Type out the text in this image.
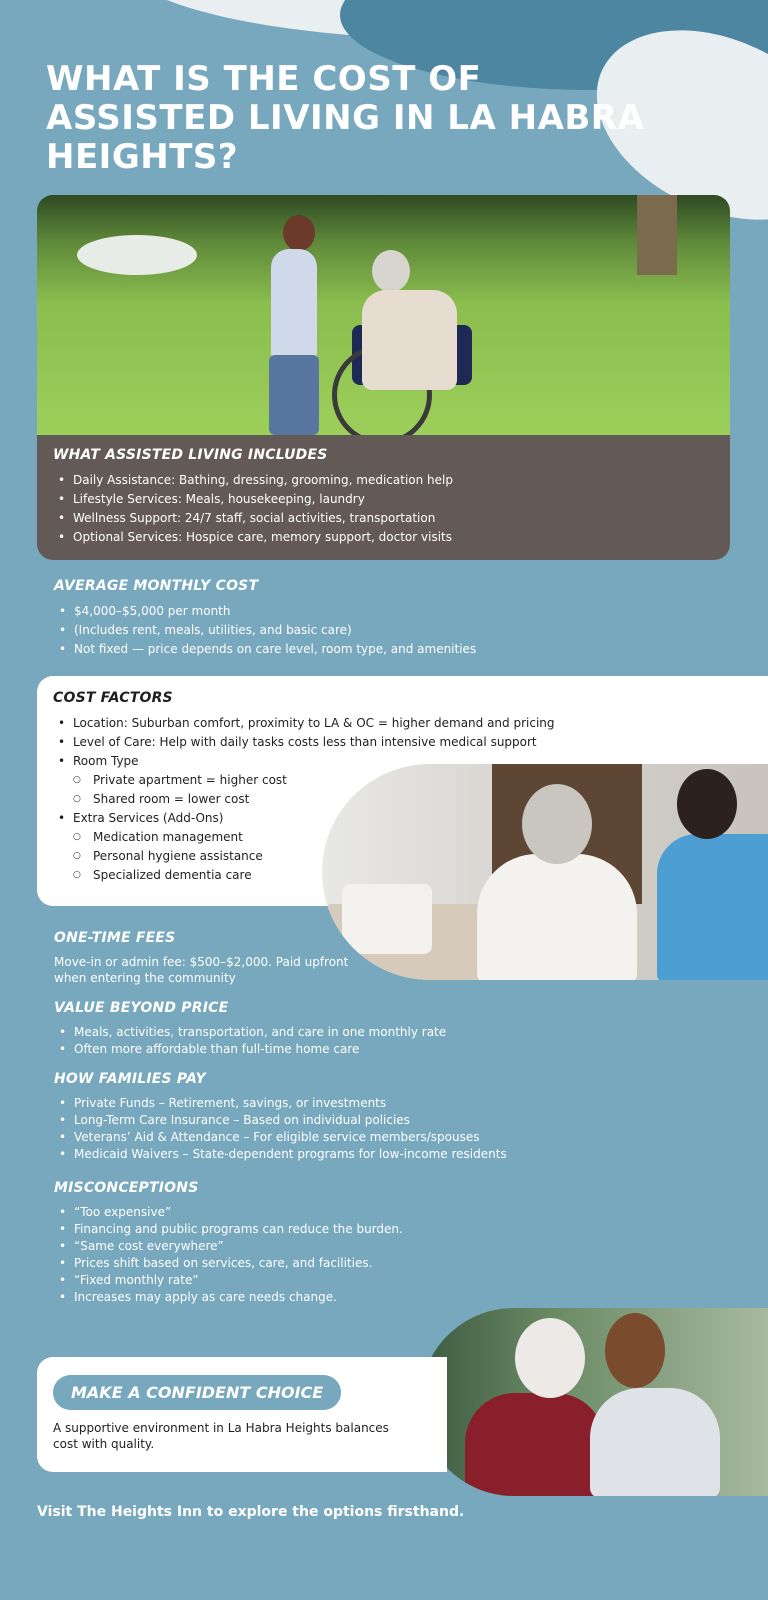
WHAT IS THE COST OF ASSISTED LIVING IN LA HABRA HEIGHTS?
WHAT ASSISTED LIVING INCLUDES
• Daily Assistance: Bathing, dressing, grooming, medication help
• Lifestyle Services: Meals, housekeeping, laundry
• Wellness Support: 24/7 staff, social activities, transportation
• Optional Services: Hospice care, memory support, doctor visits
AVERAGE MONTHLY COST
• $4,000–$5,000 per month
• (Includes rent, meals, utilities, and basic care)
• Not fixed — price depends on care level, room type, and amenities
COST FACTORS
• Location: Suburban comfort, proximity to LA & OC = higher demand and pricing
• Level of Care: Help with daily tasks costs less than intensive medical support
• Room Type
○ Private apartment = higher cost
○ Shared room = lower cost
• Extra Services (Add-Ons)
○ Medication management
○ Personal hygiene assistance
○ Specialized dementia care
ONE-TIME FEES

Move-in or admin fee: $500–$2,000. Paid upfront when entering the community

VALUE BEYOND PRICE
• Meals, activities, transportation, and care in one monthly rate
• Often more affordable than full-time home care
HOW FAMILIES PAY
• Private Funds – Retirement, savings, or investments
• Long-Term Care Insurance – Based on individual policies
• Veterans’ Aid & Attendance – For eligible service members/spouses
• Medicaid Waivers – State-dependent programs for low-income residents
MISCONCEPTIONS
• “Too expensive”
• Financing and public programs can reduce the burden.
• “Same cost everywhere”
• Prices shift based on services, care, and facilities.
• “Fixed monthly rate”
• Increases may apply as care needs change.
MAKE A CONFIDENT CHOICE

A supportive environment in La Habra Heights balances cost with quality.

Visit The Heights Inn to explore the options firsthand.
